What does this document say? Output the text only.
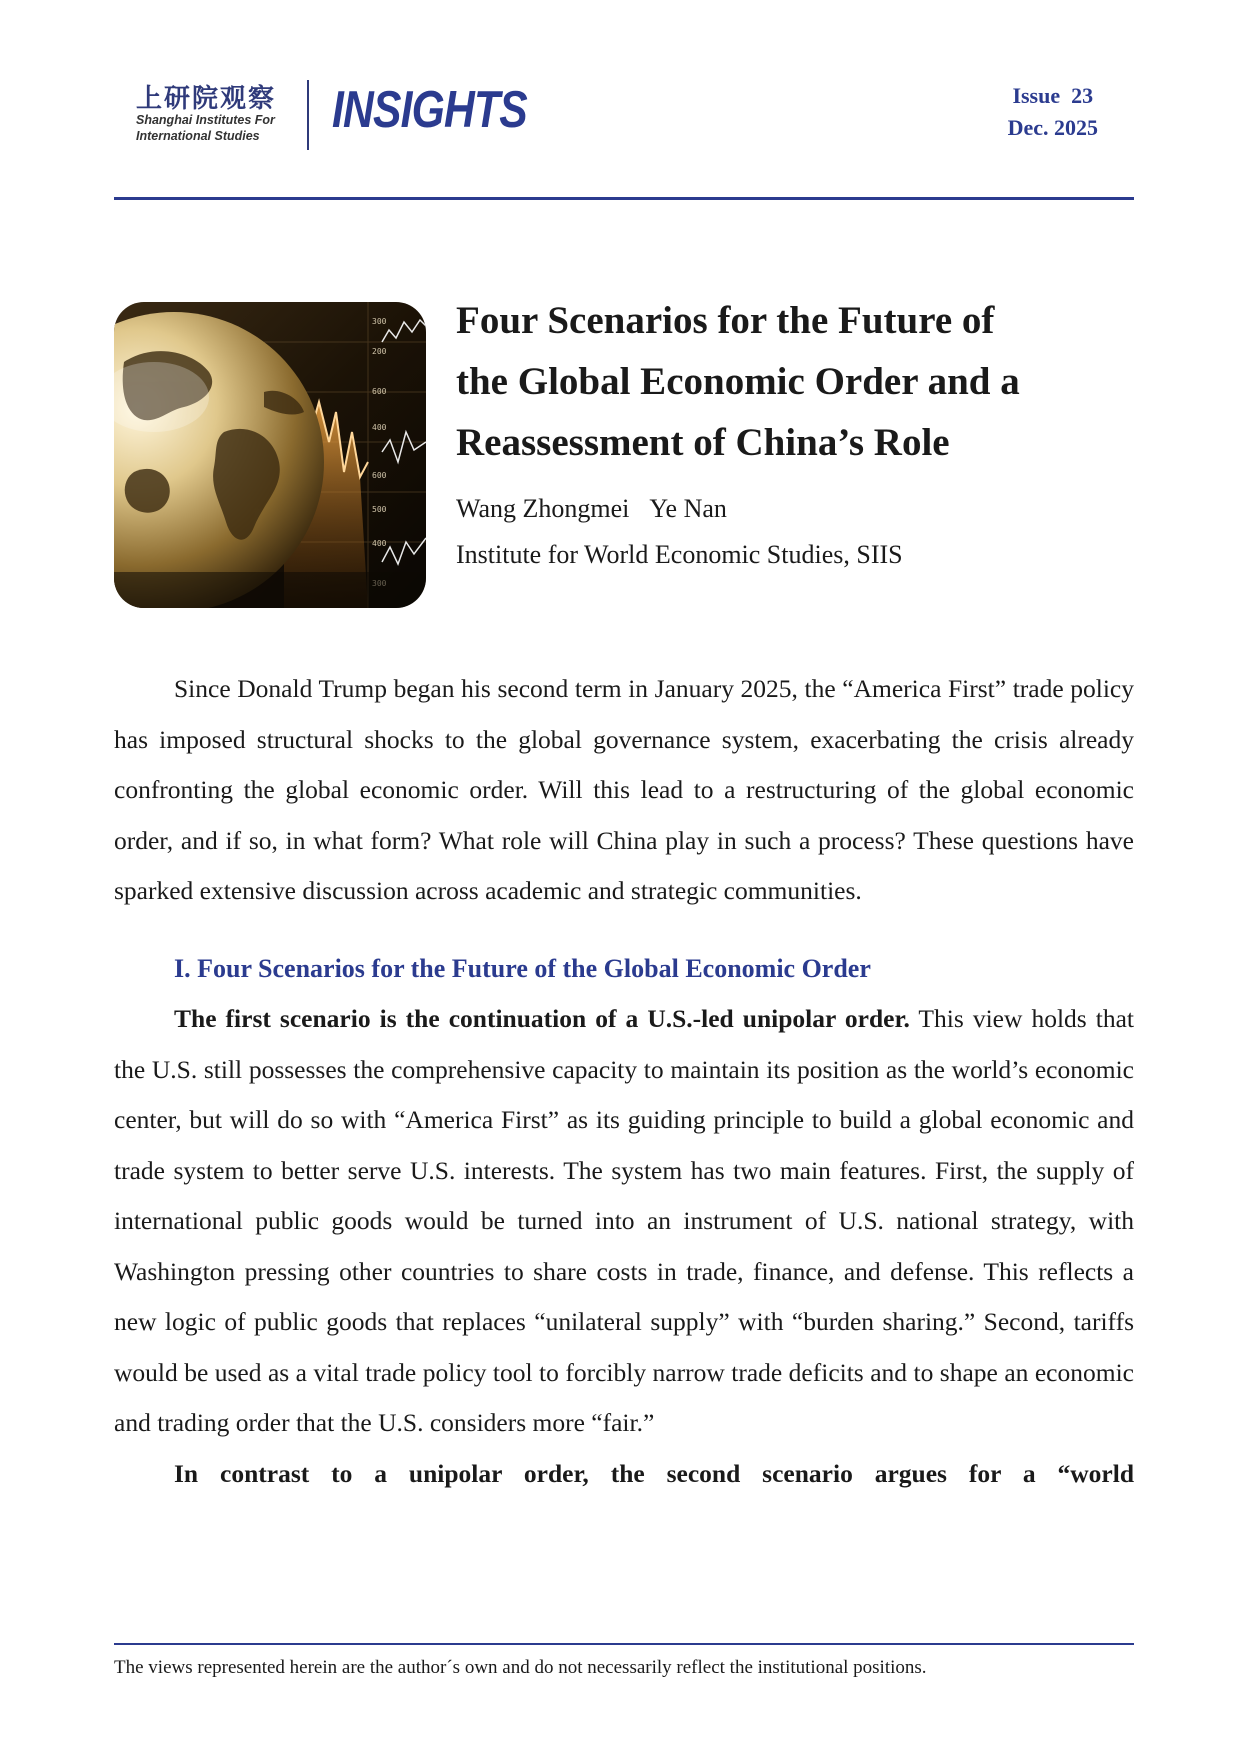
上研院观察
Shanghai Institutes For
International Studies INSIGHTS	Issue  23
Dec. 2025
300
200
600
400
600
500
400
Four Scenarios for the Future of
the Global Economic Order and a
Reassessment of China’s Role
Wang Zhongmei Ye Nan
Institute for World Economic Studies, SIIS

Since Donald Trump began his second term in January 2025, the “America First” trade policy has imposed structural shocks to the global governance system, exacerbating the crisis already confronting the global economic order. Will this lead to a restructuring of the global economic order, and if so, in what form? What role will China play in such a process? These questions have sparked extensive discussion across academic and strategic communities.

I. Four Scenarios for the Future of the Global Economic Order

The first scenario is the continuation of a U.S.-led unipolar order. This view holds that the U.S. still possesses the comprehensive capacity to maintain its position as the world’s economic center, but will do so with “America First” as its guiding principle to build a global economic and trade system to better serve U.S. interests. The system has two main features. First, the supply of international public goods would be turned into an instrument of U.S. national strategy, with Washington pressing other countries to share costs in trade, finance, and defense. This reflects a new logic of public goods that replaces “unilateral supply” with “burden sharing.” Second, tariffs would be used as a vital trade policy tool to forcibly narrow trade deficits and to shape an economic and trading order that the U.S. considers more “fair.”

In contrast to a unipolar order, the second scenario argues for a “world

The views represented herein are the author´s own and do not necessarily reflect the institutional positions.
